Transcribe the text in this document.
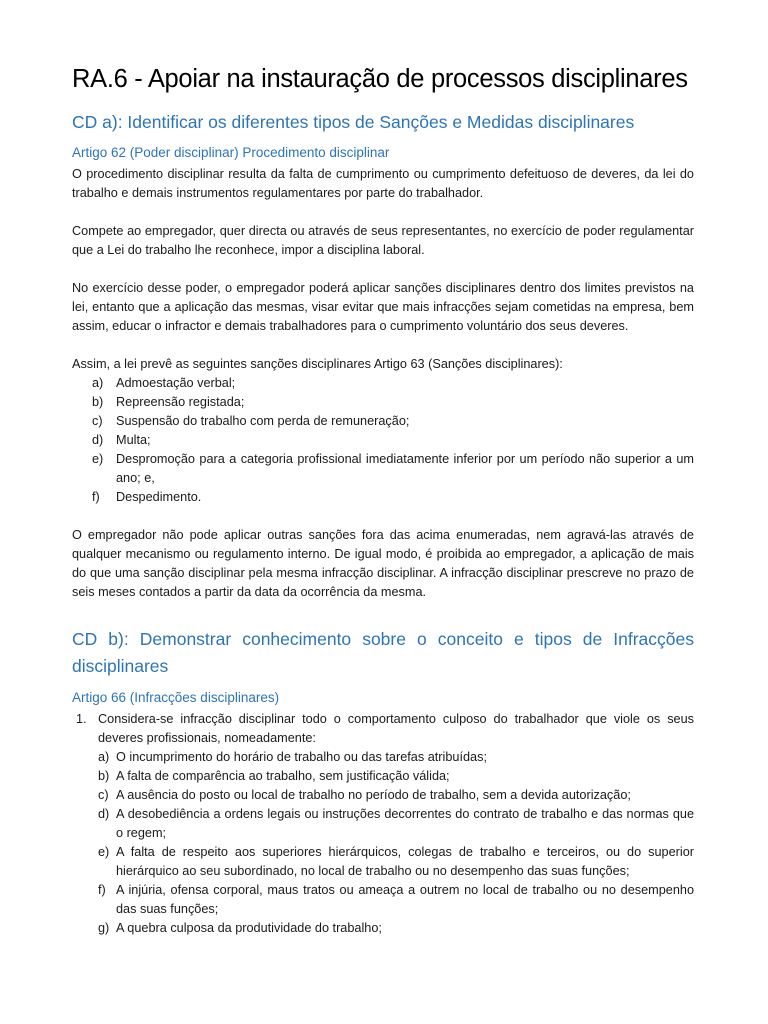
RA.6 - Apoiar na instauração de processos disciplinares
CD a): Identificar os diferentes tipos de Sanções e Medidas disciplinares
Artigo 62 (Poder disciplinar) Procedimento disciplinar

O procedimento disciplinar resulta da falta de cumprimento ou cumprimento defeituoso de deveres, da lei do trabalho e demais instrumentos regulamentares por parte do trabalhador.

Compete ao empregador, quer directa ou através de seus representantes, no exercício de poder regulamentar que a Lei do trabalho lhe reconhece, impor a disciplina laboral.

No exercício desse poder, o empregador poderá aplicar sanções disciplinares dentro dos limites previstos na lei, entanto que a aplicação das mesmas, visar evitar que mais infracções sejam cometidas na empresa, bem assim, educar o infractor e demais trabalhadores para o cumprimento voluntário dos seus deveres.

Assim, a lei prevê as seguintes sanções disciplinares Artigo 63 (Sanções disciplinares):

a) Admoestação verbal;
b) Repreensão registada;
c) Suspensão do trabalho com perda de remuneração;
d) Multa;
e) Despromoção para a categoria profissional imediatamente inferior por um período não superior a um ano; e,
f) Despedimento.

O empregador não pode aplicar outras sanções fora das acima enumeradas, nem agravá-las através de qualquer mecanismo ou regulamento interno. De igual modo, é proibida ao empregador, a aplicação de mais do que uma sanção disciplinar pela mesma infracção disciplinar. A infracção disciplinar prescreve no prazo de seis meses contados a partir da data da ocorrência da mesma.

CD b): Demonstrar conhecimento sobre o conceito e tipos de Infracções disciplinares
Artigo 66 (Infracções disciplinares)
1. Considera-se infracção disciplinar todo o comportamento culposo do trabalhador que viole os seus deveres profissionais, nomeadamente:
a) O incumprimento do horário de trabalho ou das tarefas atribuídas;
b) A falta de comparência ao trabalho, sem justificação válida;
c) A ausência do posto ou local de trabalho no período de trabalho, sem a devida autorização;
d) A desobediência a ordens legais ou instruções decorrentes do contrato de trabalho e das normas que o regem;
e) A falta de respeito aos superiores hierárquicos, colegas de trabalho e terceiros, ou do superior hierárquico ao seu subordinado, no local de trabalho ou no desempenho das suas funções;
f) A injúria, ofensa corporal, maus tratos ou ameaça a outrem no local de trabalho ou no desempenho das suas funções;
g) A quebra culposa da produtividade do trabalho;
